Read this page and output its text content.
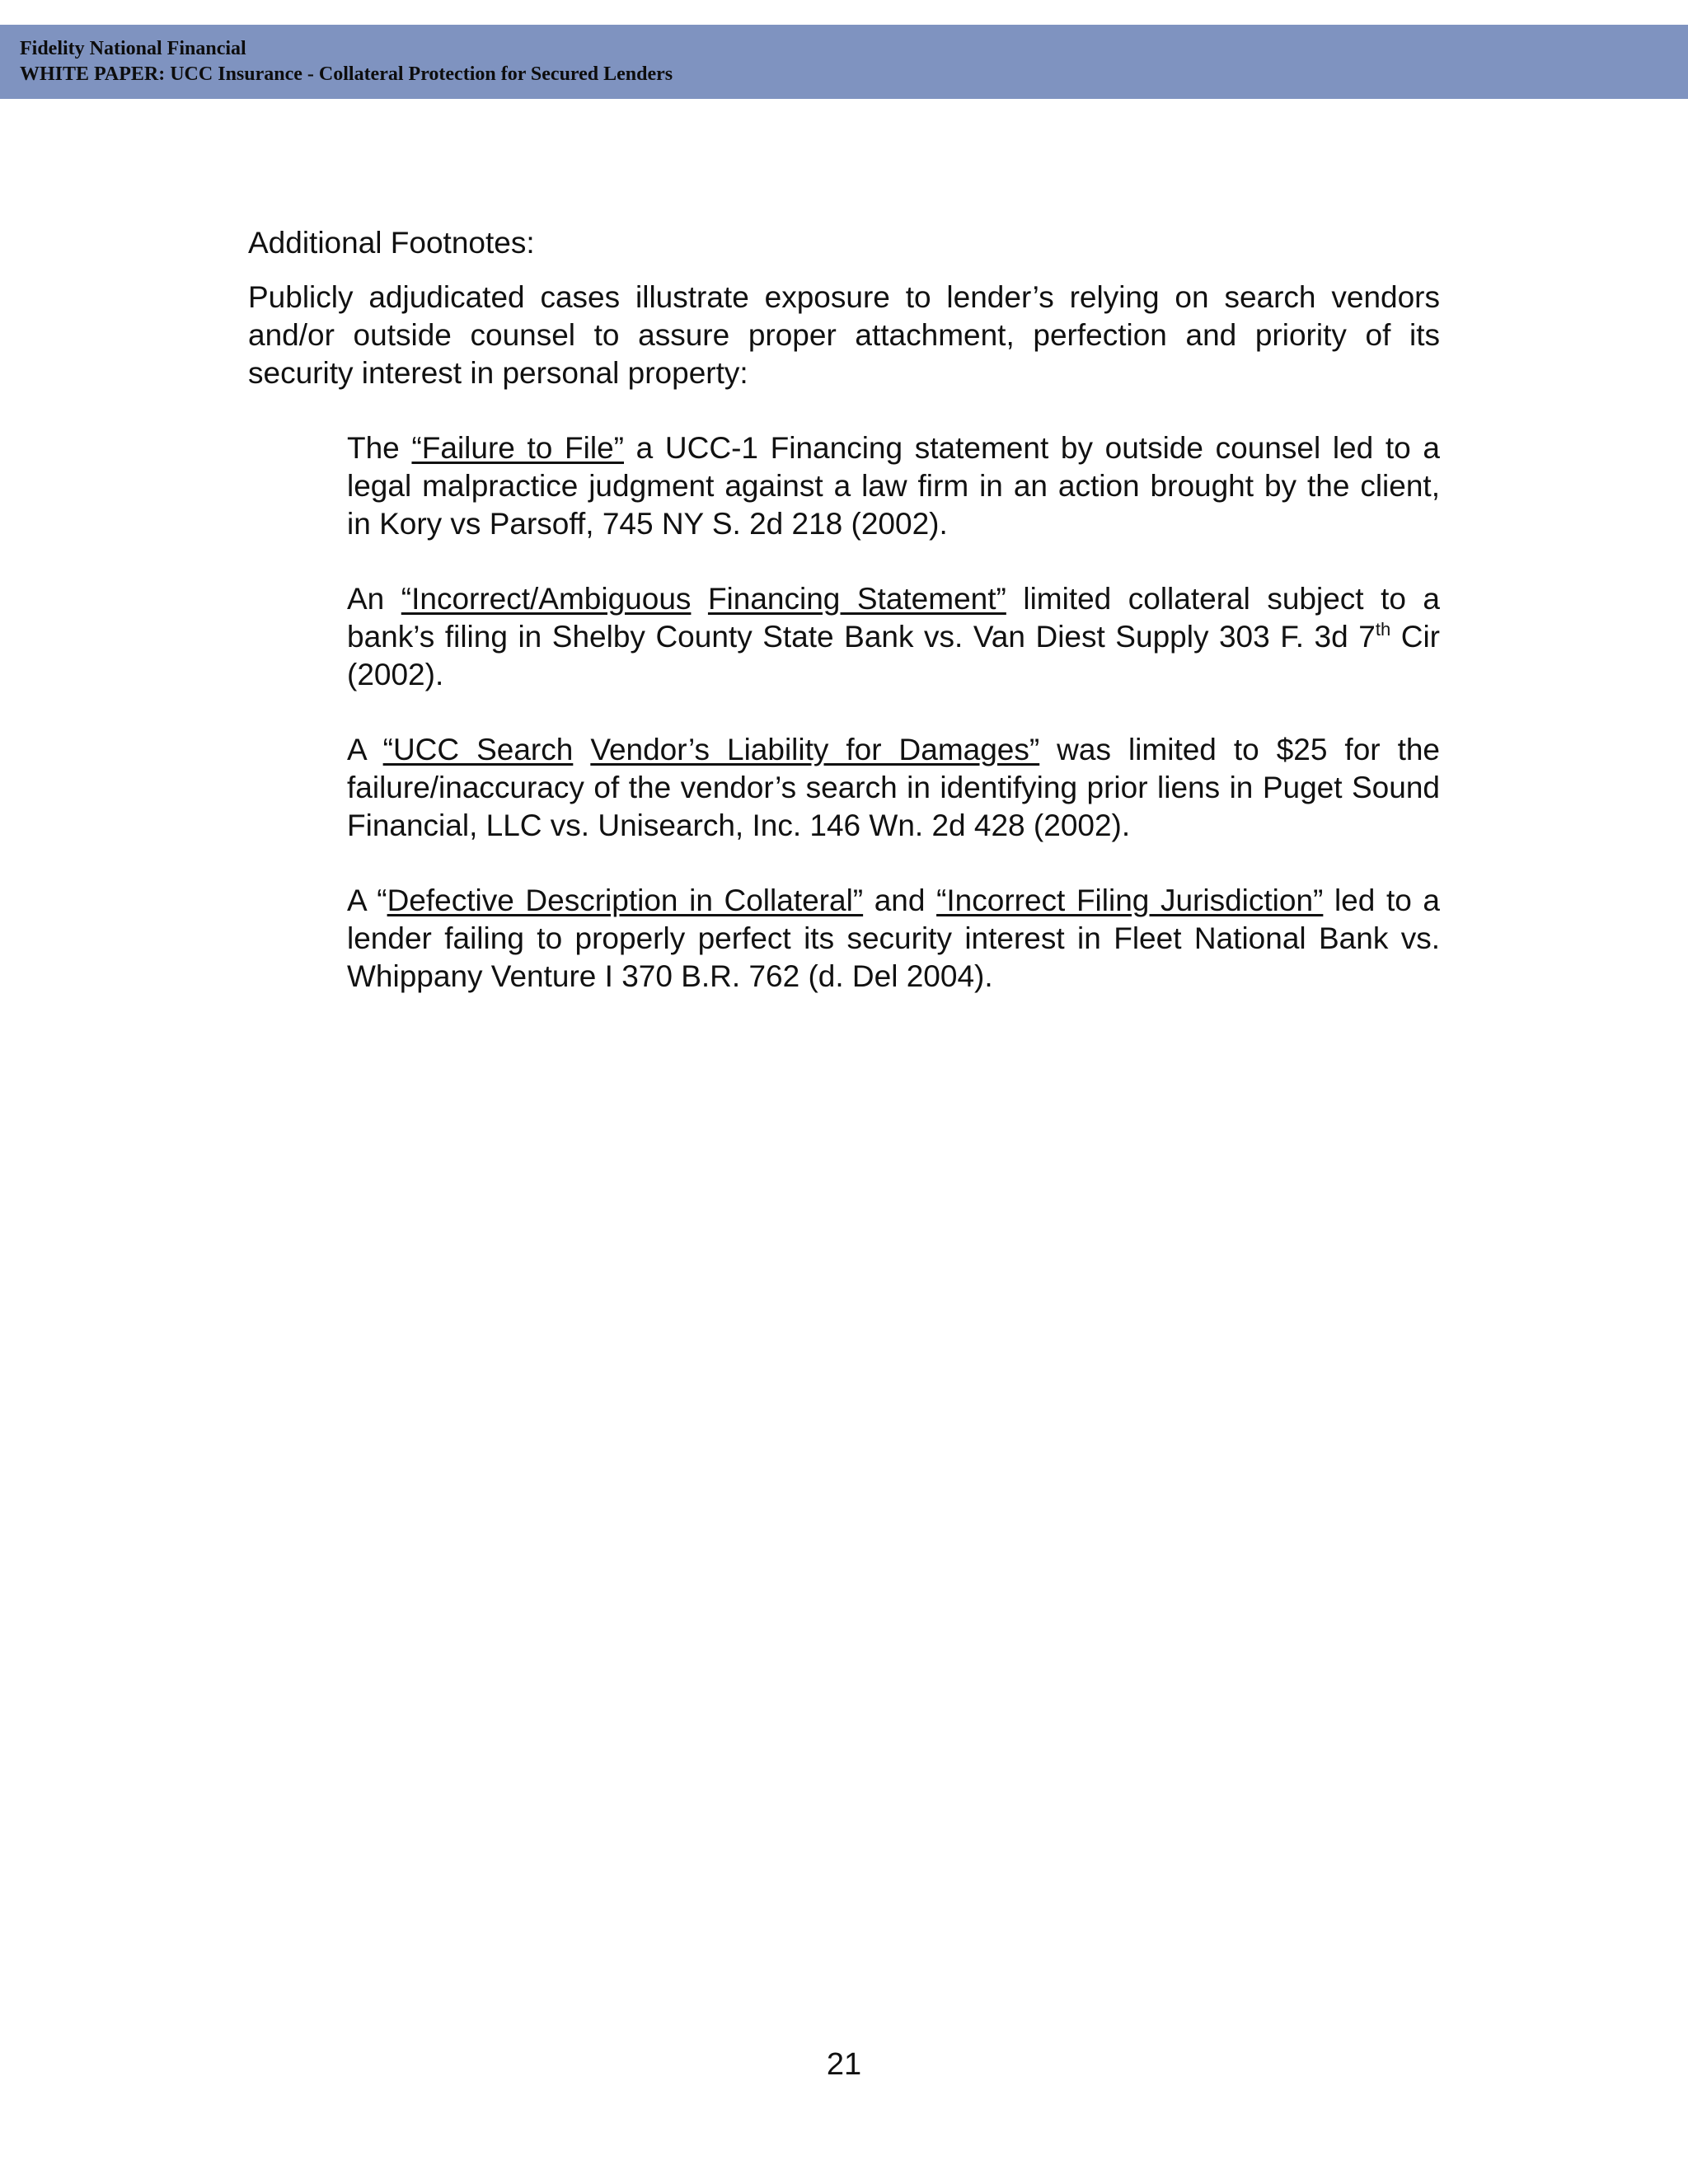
Fidelity National Financial
WHITE PAPER: UCC Insurance - Collateral Protection for Secured Lenders

Additional Footnotes:

Publicly adjudicated cases illustrate exposure to lender’s relying on search vendors and/or outside counsel to assure proper attachment, perfection and priority of its security interest in personal property:

The “Failure to File” a UCC-1 Financing statement by outside counsel led to a legal malpractice judgment against a law firm in an action brought by the client, in Kory vs Parsoff, 745 NY S. 2d 218 (2002).

An “Incorrect/Ambiguous Financing Statement” limited collateral subject to a bank’s filing in Shelby County State Bank vs. Van Diest Supply 303 F. 3d 7th Cir (2002).

A “UCC Search Vendor’s Liability for Damages” was limited to $25 for the failure/inaccuracy of the vendor’s search in identifying prior liens in Puget Sound Financial, LLC vs. Unisearch, Inc. 146 Wn. 2d 428 (2002).

A “Defective Description in Collateral” and “Incorrect Filing Jurisdiction” led to a lender failing to properly perfect its security interest in Fleet National Bank vs. Whippany Venture I 370 B.R. 762 (d. Del 2004).

21
